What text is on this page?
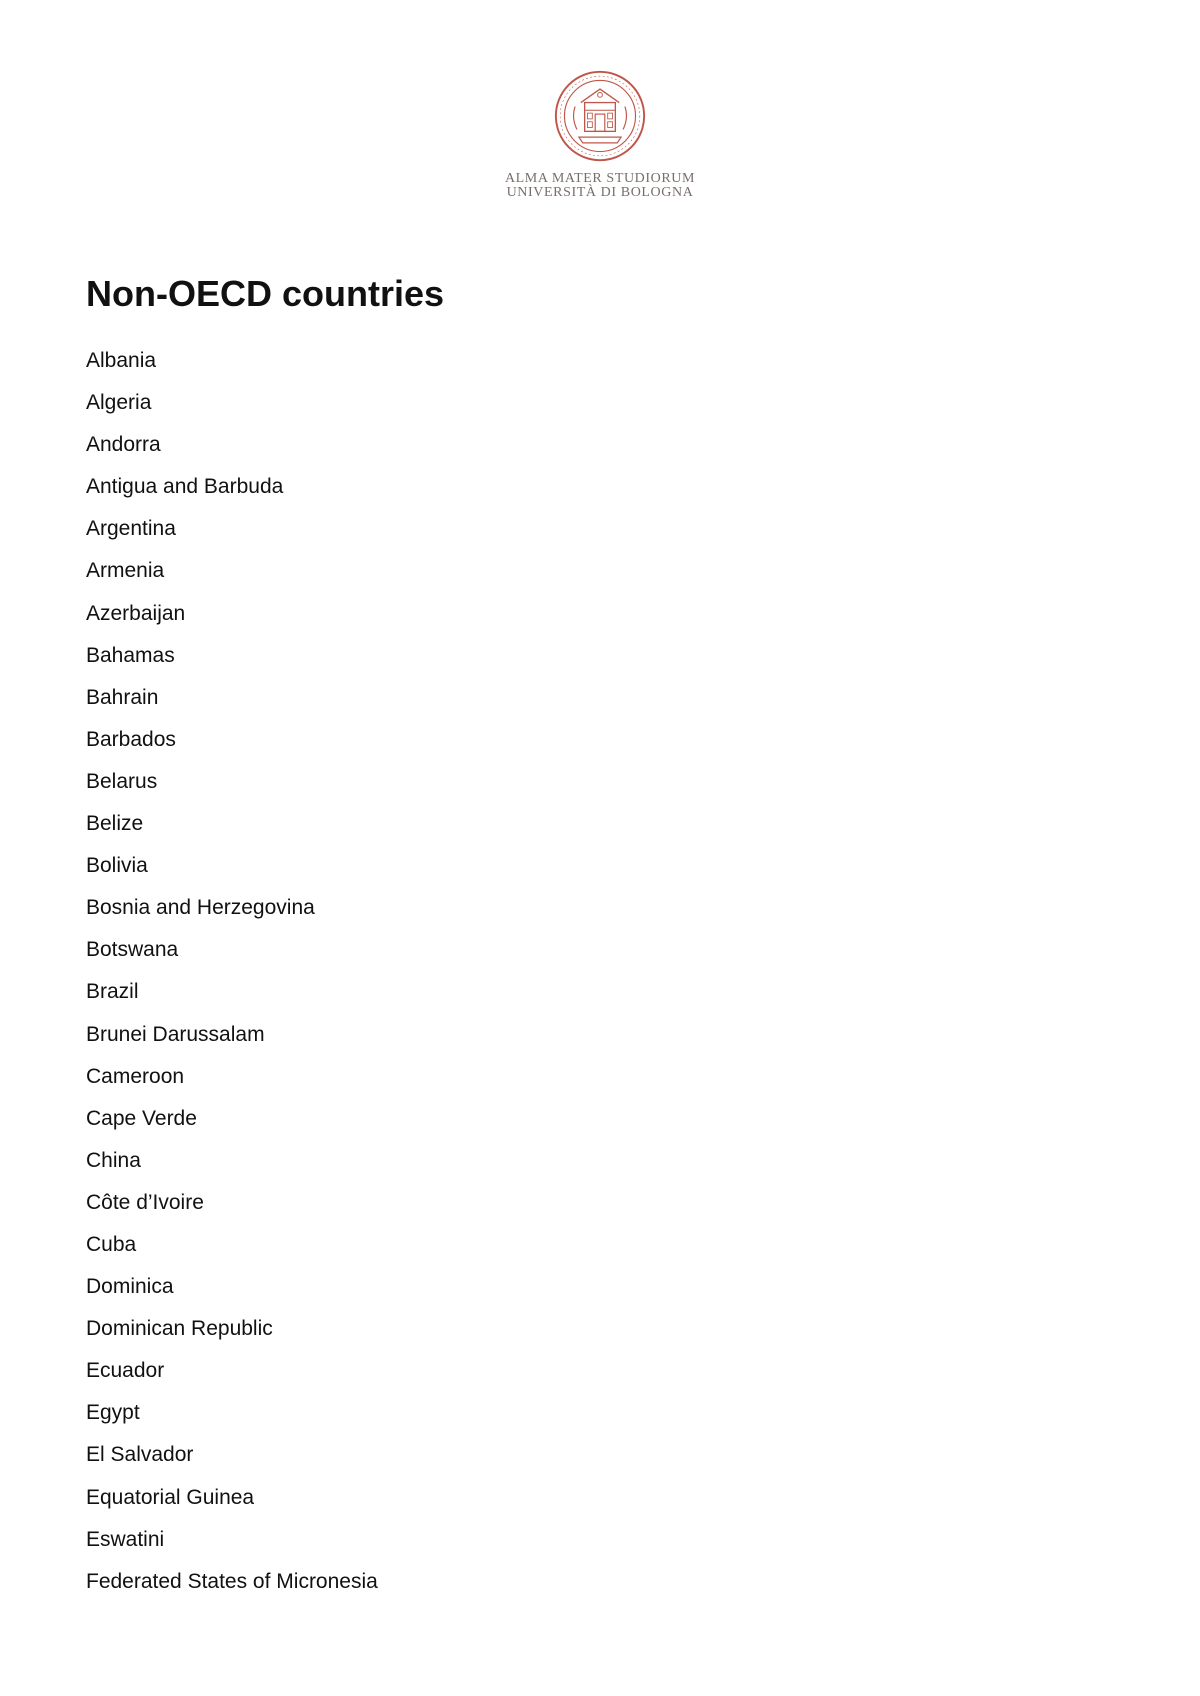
ALMA MATER STUDIORUM
UNIVERSITÀ DI BOLOGNA
Non-OECD countries
Albania
Algeria
Andorra
Antigua and Barbuda
Argentina
Armenia
Azerbaijan
Bahamas
Bahrain
Barbados
Belarus
Belize
Bolivia
Bosnia and Herzegovina
Botswana
Brazil
Brunei Darussalam
Cameroon
Cape Verde
China
Côte d’Ivoire
Cuba
Dominica
Dominican Republic
Ecuador
Egypt
El Salvador
Equatorial Guinea
Eswatini
Federated States of Micronesia
